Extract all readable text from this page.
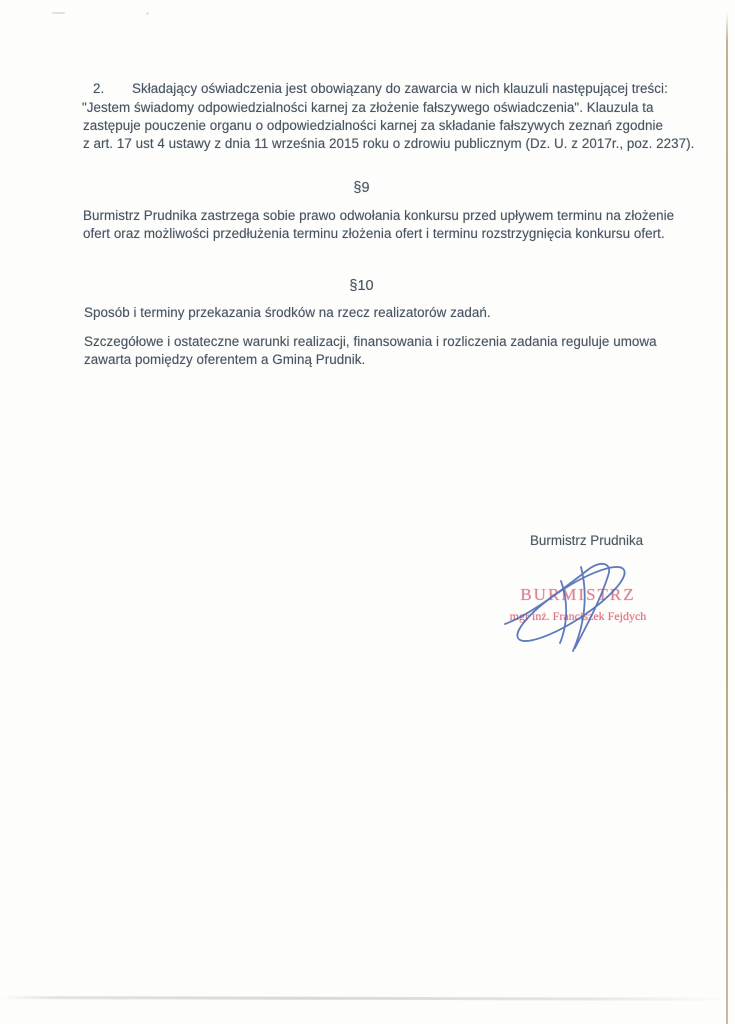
2. Składający oświadczenia jest obowiązany do zawarcia w nich klauzuli następującej treści:
"Jestem świadomy odpowiedzialności karnej za złożenie fałszywego oświadczenia". Klauzula ta
zastępuje pouczenie organu o odpowiedzialności karnej za składanie fałszywych zeznań zgodnie
z art. 17 ust 4 ustawy z dnia 11 września 2015 roku o zdrowiu publicznym (Dz. U. z 2017r., poz. 2237).
§9
Burmistrz Prudnika zastrzega sobie prawo odwołania konkursu przed upływem terminu na złożenie
ofert oraz możliwości przedłużenia terminu złożenia ofert i terminu rozstrzygnięcia konkursu ofert.
§10
Sposób i terminy przekazania środków na rzecz realizatorów zadań.
Szczegółowe i ostateczne warunki realizacji, finansowania i rozliczenia zadania reguluje umowa
zawarta pomiędzy oferentem a Gminą Prudnik.
Burmistrz Prudnika
BURMISTRZ
mgr inż. Franciszek Fejdych
